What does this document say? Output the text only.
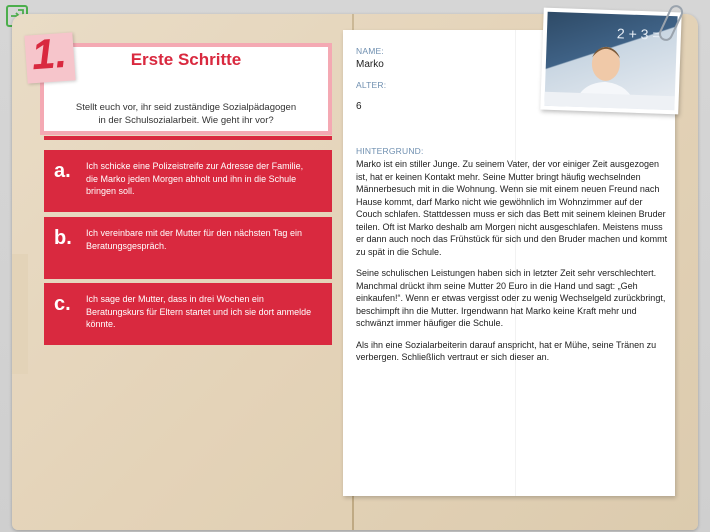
Erste Schritte

Stellt euch vor, ihr seid zuständige Sozialpädagogen in der Schulsozialarbeit. Wie geht ihr vor?

1.
a. Ich schicke eine Polizeistreife zur Adresse der Familie, die Marko jeden Morgen abholt und ihn in die Schule bringen soll.
b. Ich vereinbare mit der Mutter für den nächsten Tag ein Beratungsgespräch.
c. Ich sage der Mutter, dass in drei Wochen ein Beratungskurs für Eltern startet und ich sie dort anmelde könnte.
NAME:
Marko
ALTER:
6
HINTERGRUND:

Marko ist ein stiller Junge. Zu seinem Vater, der vor einiger Zeit ausgezogen ist, hat er keinen Kontakt mehr. Seine Mutter bringt häufig wechselnden Männerbesuch mit in die Wohnung. Wenn sie mit einem neuen Freund nach Hause kommt, darf Marko nicht wie gewöhnlich im Wohnzimmer auf der Couch schlafen. Stattdessen muss er sich das Bett mit seinem kleinen Bruder teilen. Oft ist Marko deshalb am Morgen nicht ausgeschlafen. Meistens muss er dann auch noch das Frühstück für sich und den Bruder machen und kommt zu spät in die Schule.

Seine schulischen Leistungen haben sich in letzter Zeit sehr verschlechtert. Manchmal drückt ihm seine Mutter 20 Euro in die Hand und sagt: „Geh einkaufen!“. Wenn er etwas vergisst oder zu wenig Wechselgeld zurückbringt, beschimpft ihn die Mutter. Irgendwann hat Marko keine Kraft mehr und schwänzt immer häufiger die Schule.

Als ihn eine Sozialarbeiterin darauf anspricht, hat er Mühe, seine Tränen zu verbergen. Schließlich vertraut er sich dieser an.

2 + 3 =
